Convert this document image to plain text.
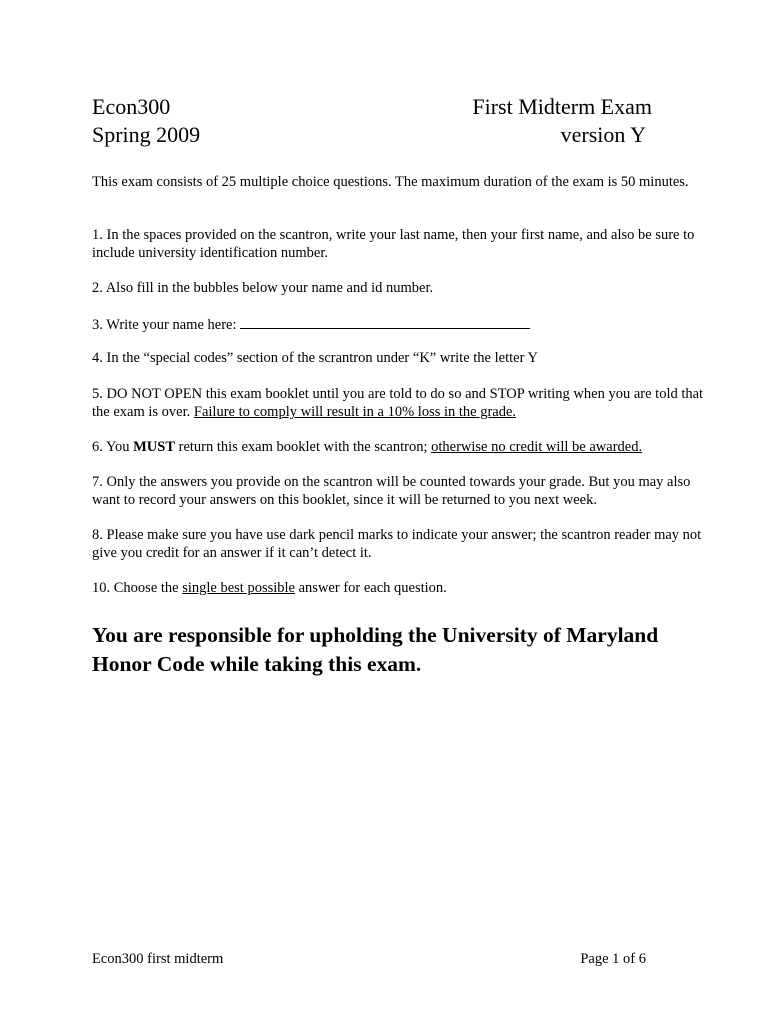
Econ300
Spring 2009
First Midterm Exam
version Y

This exam consists of 25 multiple choice questions. The maximum duration of the exam is 50 minutes.

1. In the spaces provided on the scantron, write your last name, then your first name, and also be sure to include university identification number.

2. Also fill in the bubbles below your name and id number.

3. Write your name here:

4. In the “special codes” section of the scrantron under “K” write the letter Y

5. DO NOT OPEN this exam booklet until you are told to do so and STOP writing when you are told that the exam is over. Failure to comply will result in a 10% loss in the grade.

6. You MUST return this exam booklet with the scantron; otherwise no credit will be awarded.

7. Only the answers you provide on the scantron will be counted towards your grade. But you may also want to record your answers on this booklet, since it will be returned to you next week.

8. Please make sure you have use dark pencil marks to indicate your answer; the scantron reader may not give you credit for an answer if it can’t detect it.

10. Choose the single best possible answer for each question.

You are responsible for upholding the University of Maryland Honor Code while taking this exam.
Econ300 first midterm	Page 1 of 6
